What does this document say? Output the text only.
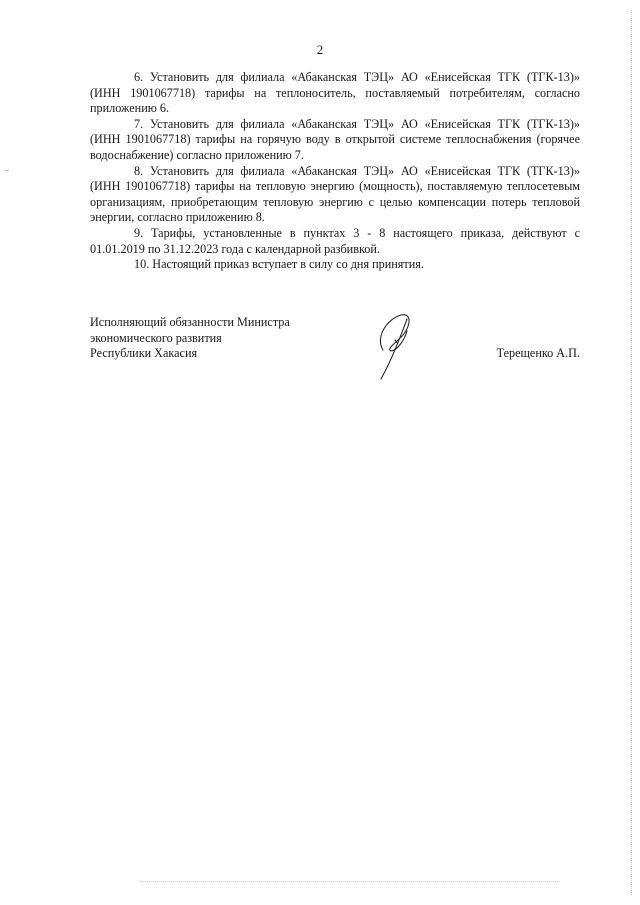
2

6. Установить для филиала «Абаканская ТЭЦ» АО «Енисейская ТГК (ТГК-13)» (ИНН 1901067718) тарифы на теплоноситель, поставляемый потребителям, согласно приложению 6.

7. Установить для филиала «Абаканская ТЭЦ» АО «Енисейская ТГК (ТГК-13)» (ИНН 1901067718) тарифы на горячую воду в открытой системе теплоснабжения (горячее водоснабжение) согласно приложению 7.

8. Установить для филиала «Абаканская ТЭЦ» АО «Енисейская ТГК (ТГК-13)» (ИНН 1901067718) тарифы на тепловую энергию (мощность), поставляемую теплосетевым организациям, приобретающим тепловую энергию с целью компенсации потерь тепловой энергии, согласно приложению 8.

9. Тарифы, установленные в пунктах 3 - 8 настоящего приказа, действуют с 01.01.2019 по 31.12.2023 года с календарной разбивкой.

10. Настоящий приказ вступает в силу со дня принятия.

Исполняющий обязанности Министра
экономического развития
Республики Хакасия	Терещенко А.П.
